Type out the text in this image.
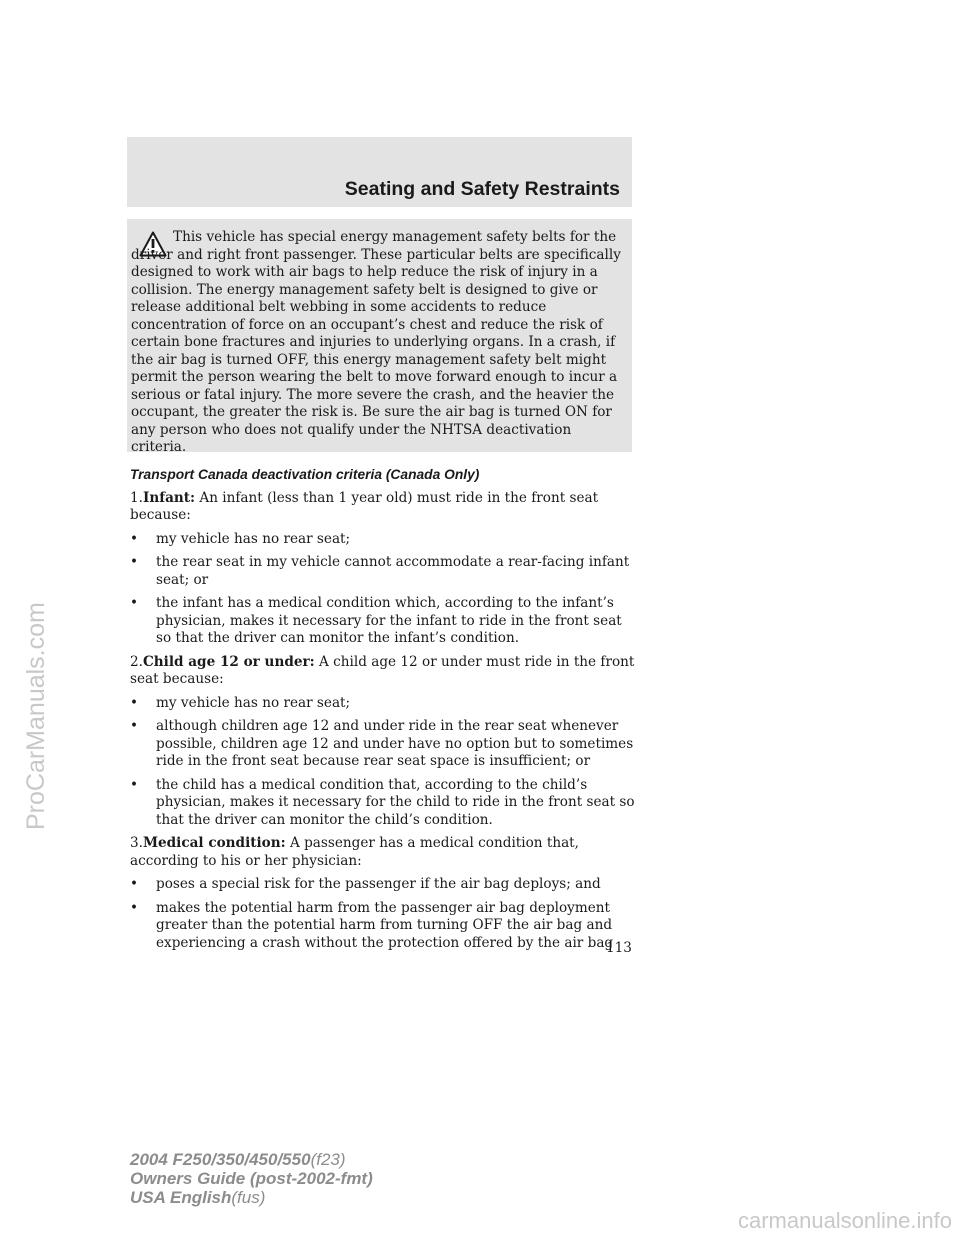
Seating and Safety Restraints

This vehicle has special energy management safety belts for the driver and right front passenger. These particular belts are specifically designed to work with air bags to help reduce the risk of injury in a collision. The energy management safety belt is designed to give or release additional belt webbing in some accidents to reduce concentration of force on an occupant’s chest and reduce the risk of certain bone fractures and injuries to underlying organs. In a crash, if the air bag is turned OFF, this energy management safety belt might permit the person wearing the belt to move forward enough to incur a serious or fatal injury. The more severe the crash, and the heavier the occupant, the greater the risk is. Be sure the air bag is turned ON for any person who does not qualify under the NHTSA deactivation criteria.

Transport Canada deactivation criteria (Canada Only)

1.Infant: An infant (less than 1 year old) must ride in the front seat because:

• my vehicle has no rear seat;
• the rear seat in my vehicle cannot accommodate a rear-facing infant seat; or
• the infant has a medical condition which, according to the infant’s physician, makes it necessary for the infant to ride in the front seat so that the driver can monitor the infant’s condition.

2.Child age 12 or under: A child age 12 or under must ride in the front seat because:

• my vehicle has no rear seat;
• although children age 12 and under ride in the rear seat whenever possible, children age 12 and under have no option but to sometimes ride in the front seat because rear seat space is insufficient; or
• the child has a medical condition that, according to the child’s physician, makes it necessary for the child to ride in the front seat so that the driver can monitor the child’s condition.

3.Medical condition: A passenger has a medical condition that, according to his or her physician:

• poses a special risk for the passenger if the air bag deploys; and
• makes the potential harm from the passenger air bag deployment greater than the potential harm from turning OFF the air bag and experiencing a crash without the protection offered by the air bag

113

2004 F250/350/450/550(f23)
Owners Guide (post-2002-fmt)
USA English(fus)
ProCarManuals.com
carmanualsonline.info
